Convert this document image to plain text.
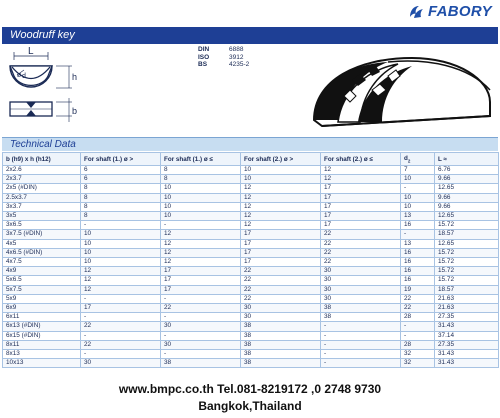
FABORY
Woodruff key
L
ø d	h
b
DIN	6888
ISO	3912
BS	4235-2
Technical Data
b (h9) x h (h12)	For shaft (1.) ø >	For shaft (1.) ø ≤	For shaft (2.) ø >	For shaft (2.) ø ≤	$d_2$	L ≈
2x2.6	6	8	10	12	7	6.76
2x3.7	6	8	10	12	10	9.66
2x5 (#DIN)	8	10	12	17	-	12.65
2.5x3.7	8	10	12	17	10	9.66
3x3.7	8	10	12	17	10	9.66
3x5	8	10	12	17	13	12.65
3x6.5	-	-	12	17	16	15.72
3x7.5 (#DIN)	10	12	17	22	-	18.57
4x5	10	12	17	22	13	12.65
4x6.5 (#DIN)	10	12	17	22	16	15.72
4x7.5	10	12	17	22	16	15.72
4x9	12	17	22	30	16	15.72
5x6.5	12	17	22	30	16	15.72
5x7.5	12	17	22	30	19	18.57
5x9	-	-	22	30	22	21.63
6x9	17	22	30	38	22	21.63
6x11	-	-	30	38	28	27.35
6x13 (#DIN)	22	30	38	-	-	31.43
6x15 (#DIN)	-	-	38	-	-	37.14
8x11	22	30	38	-	28	27.35
8x13	-	-	38	-	32	31.43
10x13	30	38	38	-	32	31.43
www.bmpc.co.th Tel.081-8219172 ,0 2748 9730
Bangkok,Thailand
